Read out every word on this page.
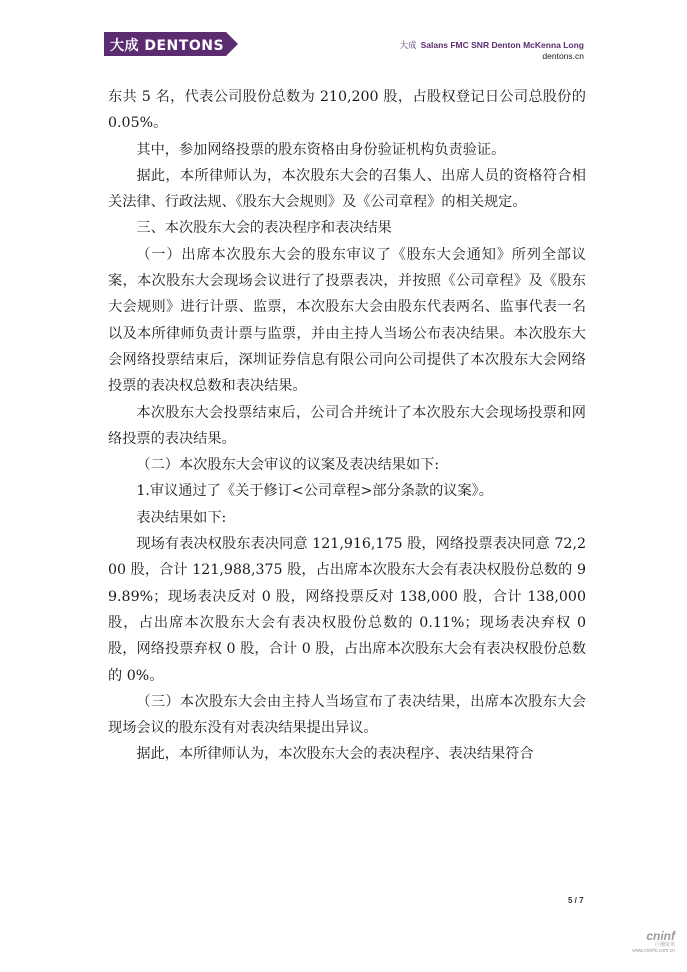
大成 DENTONS	大成 Salans FMC SNR Denton McKenna Long
dentons.cn

东共 5 名，代表公司股份总数为 210,200 股，占股权登记日公司总股份的 0.05%。

其中，参加网络投票的股东资格由身份验证机构负责验证。

据此，本所律师认为，本次股东大会的召集人、出席人员的资格符合相关法律、行政法规、《股东大会规则》及《公司章程》的相关规定。

三、本次股东大会的表决程序和表决结果

（一）出席本次股东大会的股东审议了《股东大会通知》所列全部议案，本次股东大会现场会议进行了投票表决，并按照《公司章程》及《股东大会规则》进行计票、监票，本次股东大会由股东代表两名、监事代表一名以及本所律师负责计票与监票，并由主持人当场公布表决结果。本次股东大会网络投票结束后，深圳证券信息有限公司向公司提供了本次股东大会网络投票的表决权总数和表决结果。

本次股东大会投票结束后，公司合并统计了本次股东大会现场投票和网络投票的表决结果。

（二）本次股东大会审议的议案及表决结果如下:

1.审议通过了《关于修订<公司章程>部分条款的议案》。

表决结果如下:

现场有表决权股东表决同意 121,916,175 股，网络投票表决同意 72,200 股，合计 121,988,375 股，占出席本次股东大会有表决权股份总数的 99.89%；现场表决反对 0 股，网络投票反对 138,000 股，合计 138,000 股，占出席本次股东大会有表决权股份总数的 0.11%；现场表决弃权 0 股，网络投票弃权 0 股，合计 0 股，占出席本次股东大会有表决权股份总数的 0%。

（三）本次股东大会由主持人当场宣布了表决结果，出席本次股东大会现场会议的股东没有对表决结果提出异议。

据此，本所律师认为，本次股东大会的表决程序、表决结果符合

5 / 7
cninf
巨潮资讯
www.cninfo.com.cn
